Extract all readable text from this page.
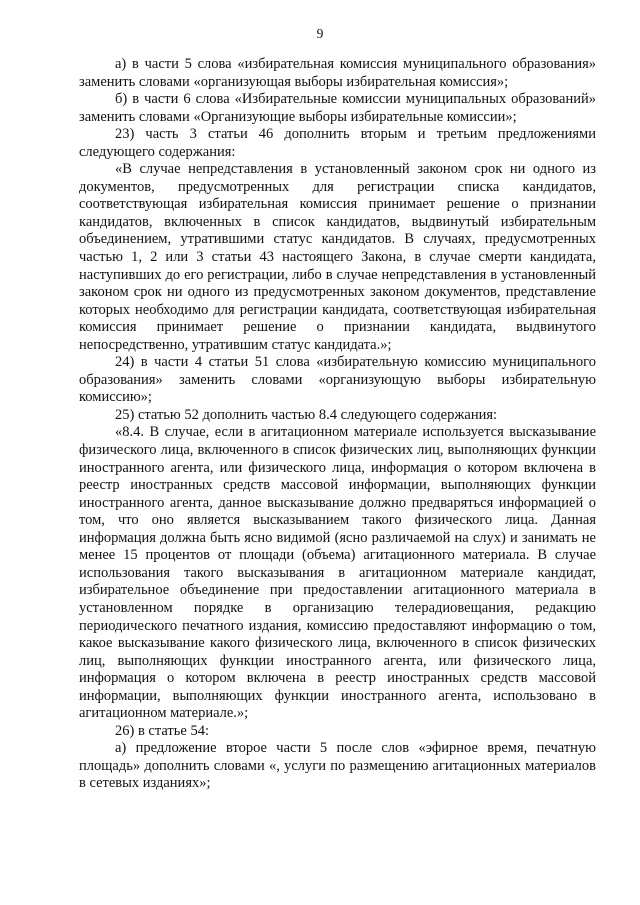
9

а) в части 5 слова «избирательная комиссия муниципального образования» заменить словами «организующая выборы избирательная комиссия»;

б) в части 6 слова «Избирательные комиссии муниципальных образований» заменить словами «Организующие выборы избирательные комиссии»;

23) часть 3 статьи 46 дополнить вторым и третьим предложениями следующего содержания:

«В случае непредставления в установленный законом срок ни одного из документов, предусмотренных для регистрации списка кандидатов, соответствующая избирательная комиссия принимает решение о признании кандидатов, включенных в список кандидатов, выдвинутый избирательным объединением, утратившими статус кандидатов. В случаях, предусмотренных частью 1, 2 или 3 статьи 43 настоящего Закона, в случае смерти кандидата, наступивших до его регистрации, либо в случае непредставления в установленный законом срок ни одного из предусмотренных законом документов, представление которых необходимо для регистрации кандидата, соответствующая избирательная комиссия принимает решение о признании кандидата, выдвинутого непосредственно, утратившим статус кандидата.»;

24) в части 4 статьи 51 слова «избирательную комиссию муниципального образования» заменить словами «организующую выборы избирательную комиссию»;

25) статью 52 дополнить частью 8.4 следующего содержания:

«8.4. В случае, если в агитационном материале используется высказывание физического лица, включенного в список физических лиц, выполняющих функции иностранного агента, или физического лица, информация о котором включена в реестр иностранных средств массовой информации, выполняющих функции иностранного агента, данное высказывание должно предваряться информацией о том, что оно является высказыванием такого физического лица. Данная информация должна быть ясно видимой (ясно различаемой на слух) и занимать не менее 15 процентов от площади (объема) агитационного материала. В случае использования такого высказывания в агитационном материале кандидат, избирательное объединение при предоставлении агитационного материала в установленном порядке в организацию телерадиовещания, редакцию периодического печатного издания, комиссию предоставляют информацию о том, какое высказывание какого физического лица, включенного в список физических лиц, выполняющих функции иностранного агента, или физического лица, информация о котором включена в реестр иностранных средств массовой информации, выполняющих функции иностранного агента, использовано в агитационном материале.»;

26) в статье 54:

а) предложение второе части 5 после слов «эфирное время, печатную площадь» дополнить словами «, услуги по размещению агитационных материалов в сетевых изданиях»;
